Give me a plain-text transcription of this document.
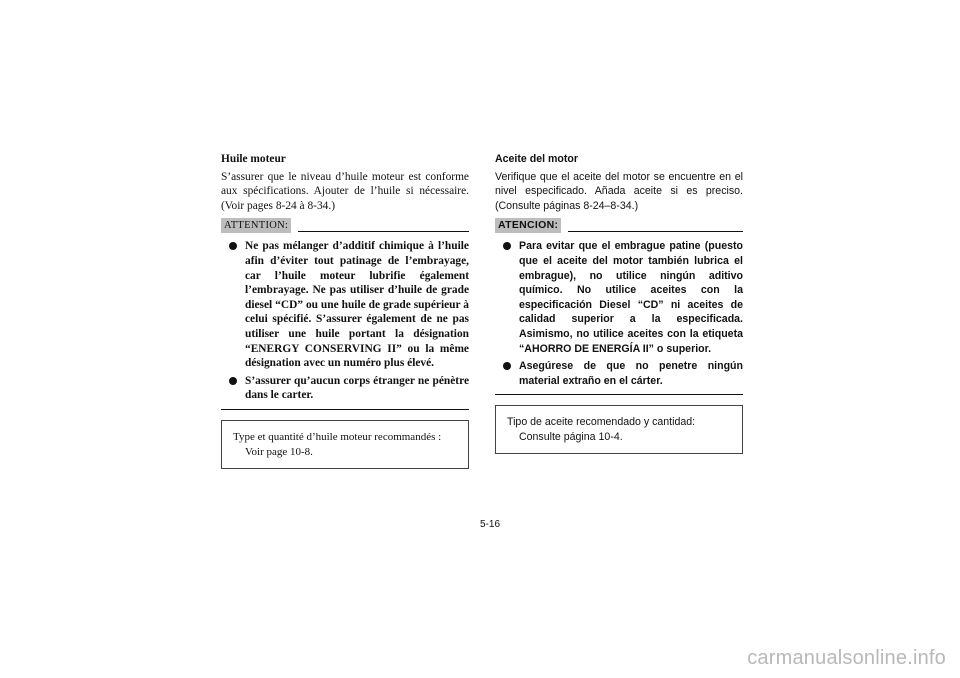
Huile moteur

S’assurer que le niveau d’huile moteur est conforme aux spécifications. Ajouter de l’huile si nécessaire. (Voir pages 8-24 à 8-34.)

ATTENTION:
Ne pas mélanger d’additif chimique à l’huile afin d’éviter tout patinage de l’embrayage, car l’huile moteur lubrifie également l’embrayage. Ne pas utiliser d’huile de grade diesel “CD” ou une huile de grade supérieur à celui spécifié. S’assurer également de ne pas utiliser une huile portant la désignation “ENERGY CONSERVING II” ou la même désignation avec un numéro plus élevé.
S’assurer qu’aucun corps étranger ne pénètre dans le carter.
Type et quantité d’huile moteur recommandés :
Voir page 10-8.

Aceite del motor

Verifique que el aceite del motor se encuentre en el nivel especificado. Añada aceite si es preciso. (Consulte páginas 8-24–8-34.)

ATENCION:
Para evitar que el embrague patine (puesto que el aceite del motor también lubrica el embrague), no utilice ningún aditivo químico. No utilice aceites con la especificación Diesel “CD” ni aceites de calidad superior a la especificada. Asimismo, no utilice aceites con la etiqueta “AHORRO DE ENERGÍA II” o superior.
Asegúrese de que no penetre ningún material extraño en el cárter.
Tipo de aceite recomendado y cantidad:
Consulte página 10-4.
5-16
carmanualsonline.info
